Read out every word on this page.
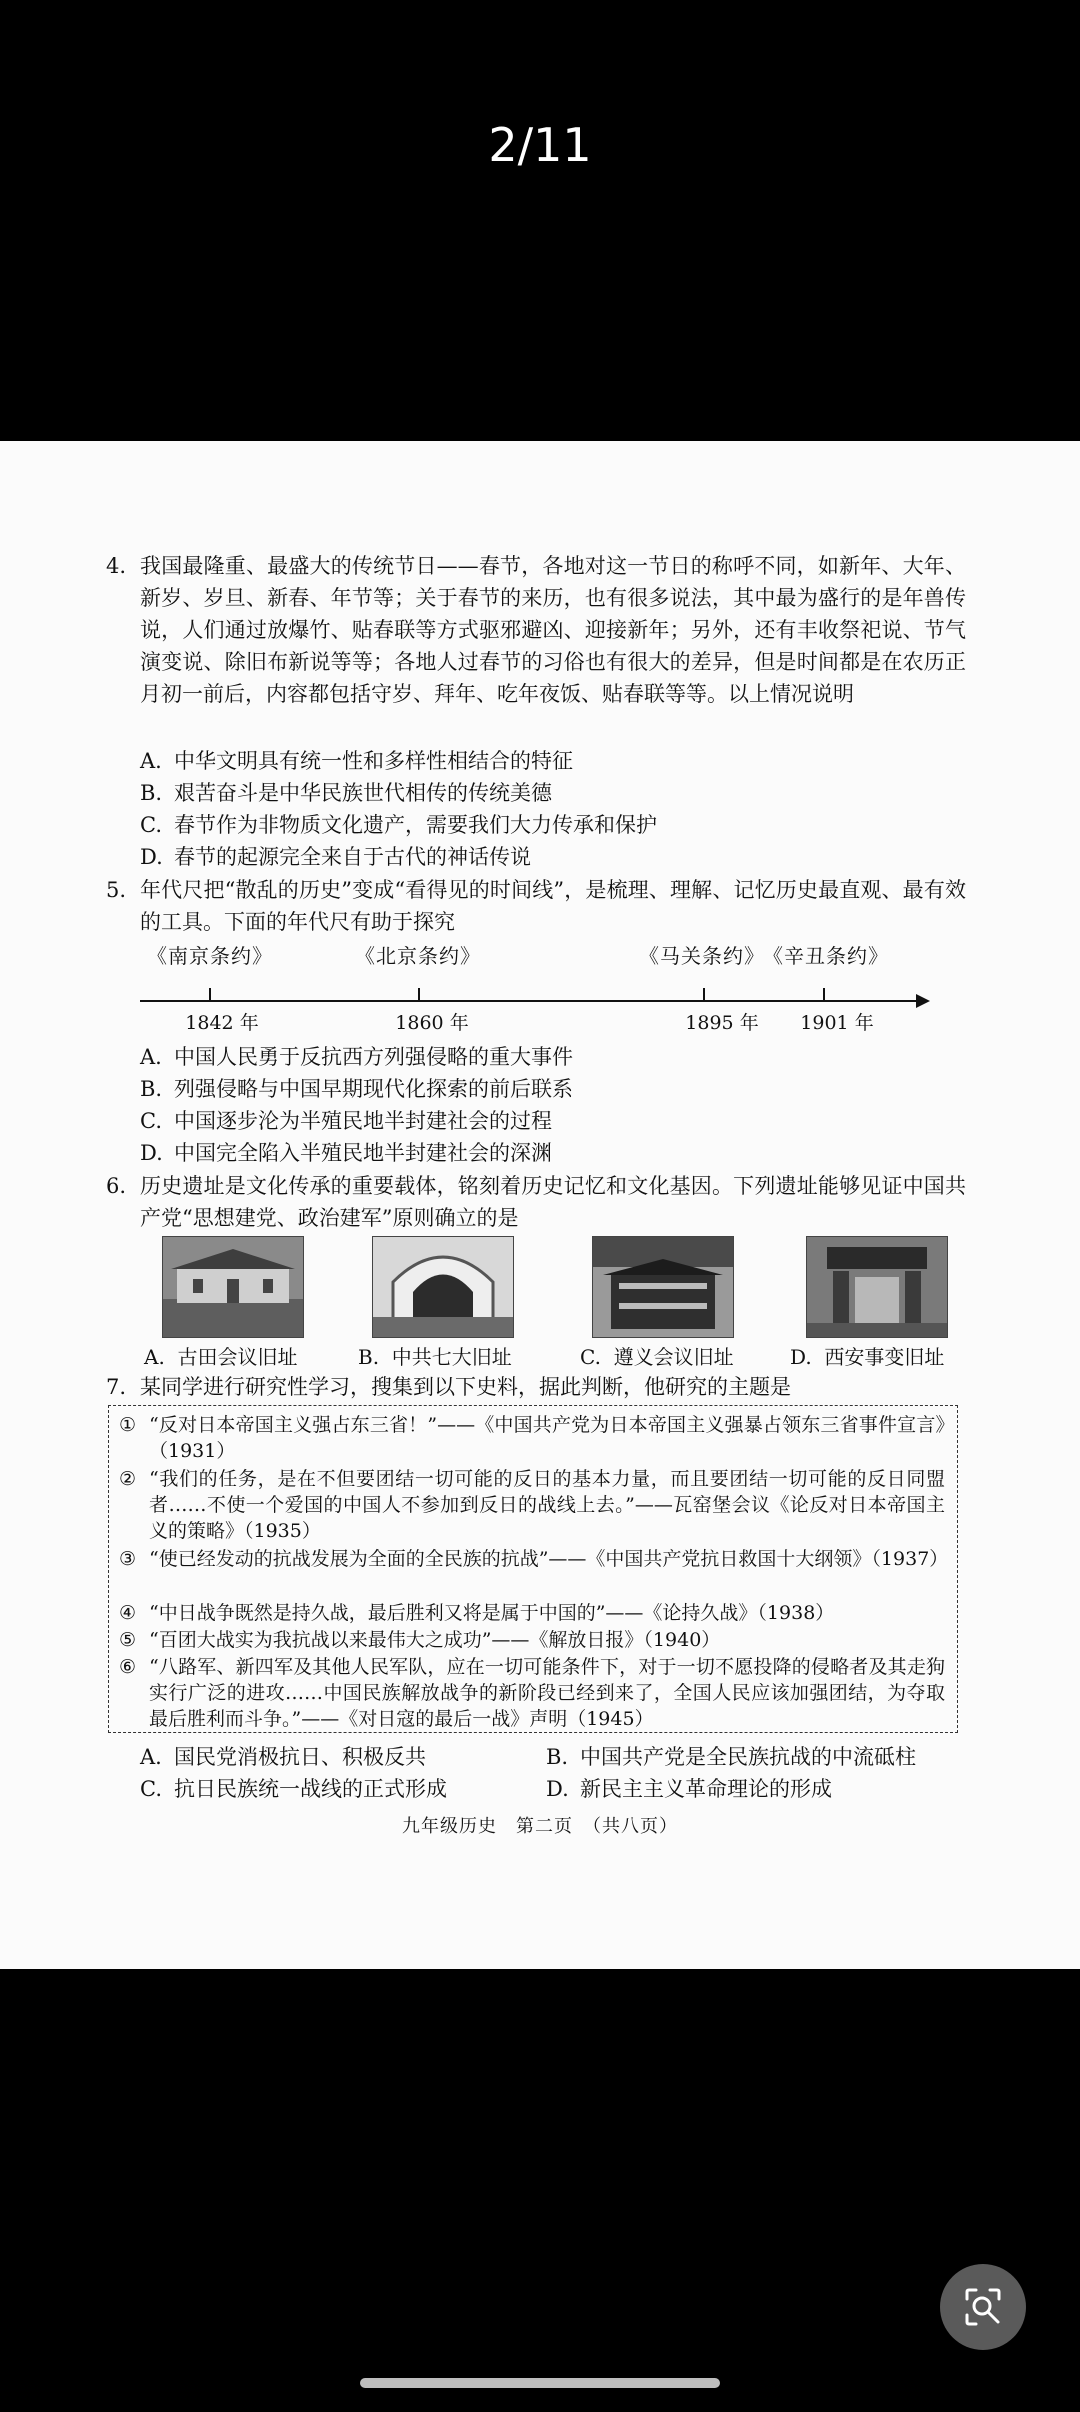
2/11
4. 我国最隆重、最盛大的传统节日——春节，各地对这一节日的称呼不同，如新年、大年、新岁、岁旦、新春、年节等；关于春节的来历，也有很多说法，其中最为盛行的是年兽传说，人们通过放爆竹、贴春联等方式驱邪避凶、迎接新年；另外，还有丰收祭祀说、节气演变说、除旧布新说等等；各地人过春节的习俗也有很大的差异，但是时间都是在农历正月初一前后，内容都包括守岁、拜年、吃年夜饭、贴春联等等。以上情况说明
A. 中华文明具有统一性和多样性相结合的特征
B. 艰苦奋斗是中华民族世代相传的传统美德
C. 春节作为非物质文化遗产，需要我们大力传承和保护
D. 春节的起源完全来自于古代的神话传说
5. 年代尺把“散乱的历史”变成“看得见的时间线”，是梳理、理解、记忆历史最直观、最有效的工具。下面的年代尺有助于探究
《南京条约》	《北京条约》	《马关条约》
《辛丑条约》
1842 年	1860 年	1895 年 1901 年
A. 中国人民勇于反抗西方列强侵略的重大事件
B. 列强侵略与中国早期现代化探索的前后联系
C. 中国逐步沦为半殖民地半封建社会的过程
D. 中国完全陷入半殖民地半封建社会的深渊
6. 历史遗址是文化传承的重要载体，铭刻着历史记忆和文化基因。下列遗址能够见证中国共产党“思想建党、政治建军”原则确立的是
A. 古田会议旧址	B. 中共七大旧址	C. 遵义会议旧址	D. 西安事变旧址
7. 某同学进行研究性学习，搜集到以下史料，据此判断，他研究的主题是
① “反对日本帝国主义强占东三省！”——《中国共产党为日本帝国主义强暴占领东三省事件宣言》（1931）
② “我们的任务，是在不但要团结一切可能的反日的基本力量，而且要团结一切可能的反日同盟者……不使一个爱国的中国人不参加到反日的战线上去。”——瓦窑堡会议《论反对日本帝国主义的策略》（1935）
③ “使已经发动的抗战发展为全面的全民族的抗战”——《中国共产党抗日救国十大纲领》（1937）
④ “中日战争既然是持久战，最后胜利又将是属于中国的”——《论持久战》（1938）
⑤ “百团大战实为我抗战以来最伟大之成功”——《解放日报》（1940）
⑥ “八路军、新四军及其他人民军队，应在一切可能条件下，对于一切不愿投降的侵略者及其走狗实行广泛的进攻……中国民族解放战争的新阶段已经到来了，全国人民应该加强团结，为夺取最后胜利而斗争。”——《对日寇的最后一战》声明（1945）
A. 国民党消极抗日、积极反共	B. 中国共产党是全民族抗战的中流砥柱
C. 抗日民族统一战线的正式形成	D. 新民主主义革命理论的形成
九年级历史　第二页　（共八页）
